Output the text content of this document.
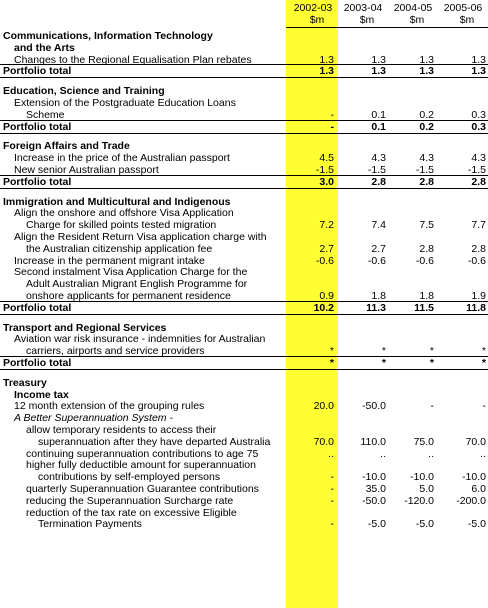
2002-03	2003-04	2004-05	2005-06
$m	$m	$m	$m
Communications, Information Technology
and the Arts
Changes to the Regional Equalisation Plan rebates	1.3	1.3	1.3	1.3
Portfolio total	1.3	1.3	1.3	1.3
Education, Science and Training
Extension of the Postgraduate Education Loans
Scheme	-	0.1	0.2	0.3
Portfolio total	-	0.1	0.2	0.3
Foreign Affairs and Trade
Increase in the price of the Australian passport	4.5	4.3	4.3	4.3
New senior Australian passport	-1.5	-1.5	-1.5	-1.5
Portfolio total	3.0	2.8	2.8	2.8
Immigration and Multicultural and Indigenous
Align the onshore and offshore Visa Application
Charge for skilled points tested migration	7.2	7.4	7.5	7.7
Align the Resident Return Visa application charge with
the Australian citizenship application fee	2.7	2.7	2.8	2.8
Increase in the permanent migrant intake	-0.6	-0.6	-0.6	-0.6
Second instalment Visa Application Charge for the
Adult Australian Migrant English Programme for
onshore applicants for permanent residence	0.9	1.8	1.8	1.9
Portfolio total	10.2	11.3	11.5	11.8
Transport and Regional Services
Aviation war risk insurance - indemnities for Australian
carriers, airports and service providers	*	*	*	*
Portfolio total	*	*	*	*
Treasury
Income tax
12 month extension of the grouping rules	20.0	-50.0	-	-
A Better Superannuation System -
allow temporary residents to access their
superannuation after they have departed Australia	70.0	110.0	75.0	70.0
continuing superannuation contributions to age 75	..	..	..	..
higher fully deductible amount for superannuation
contributions by self-employed persons	-	-10.0	-10.0	-10.0
quarterly Superannuation Guarantee contributions	-	35.0	5.0	6.0
reducing the Superannuation Surcharge rate	-	-50.0	-120.0	-200.0
reduction of the tax rate on excessive Eligible
Termination Payments	-	-5.0	-5.0	-5.0
